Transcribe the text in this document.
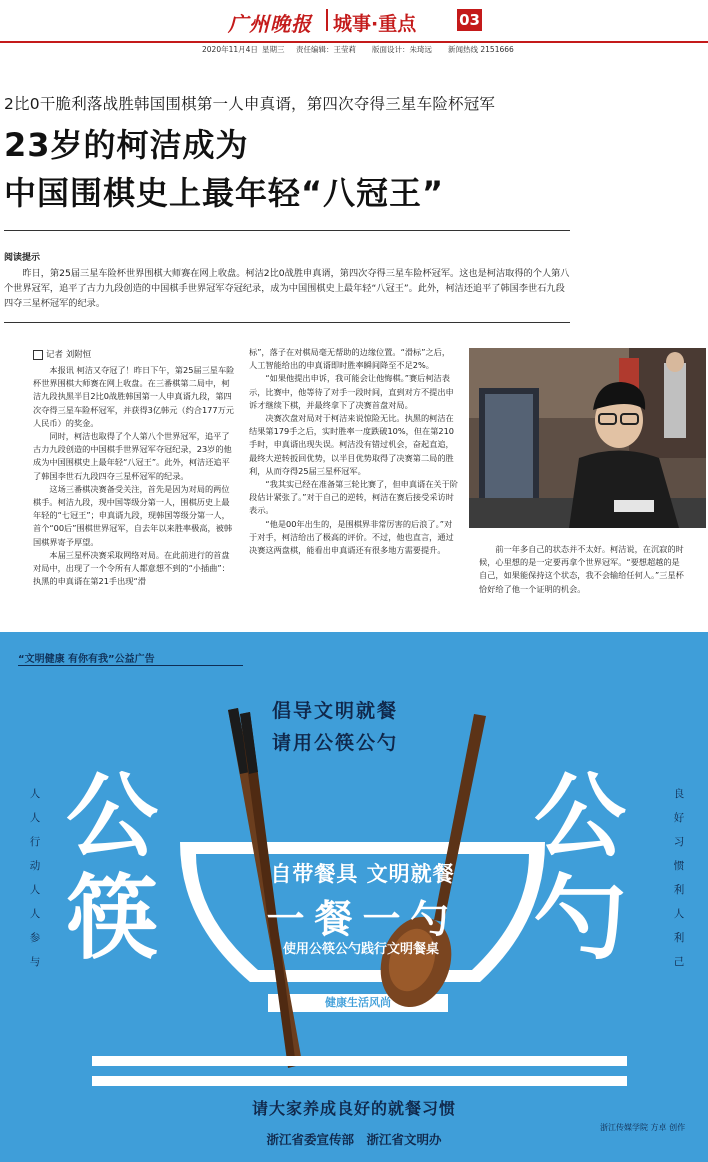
广州晚报 城事·重点	03
2020年11月4日 星期三 责任编辑：王莹莉 版面设计：朱琦远 新闻热线 2151666
2比0干脆利落战胜韩国围棋第一人申真谞，第四次夺得三星车险杯冠军
23岁的柯洁成为
中国围棋史上最年轻“八冠王”
阅读提示
昨日，第25届三星车险杯世界围棋大师赛在网上收盘。柯洁2比0战胜申真谞，第四次夺得三星车险杯冠军。这也是柯洁取得的个人第八个世界冠军，追平了古力九段创造的中国棋手世界冠军夺冠纪录，成为中国围棋史上最年轻“八冠王”。此外，柯洁还追平了韩国李世石九段四夺三星杯冠军的纪录。
记者 刘附恒

本报讯 柯洁又夺冠了！昨日下午，第25届三星车险杯世界围棋大师赛在网上收盘。在三番棋第二局中，柯洁九段执黑半目2比0战胜韩国第一人申真谞九段，第四次夺得三星车险杯冠军，并获得3亿韩元（约合177万元人民币）的奖金。

同时，柯洁也取得了个人第八个世界冠军，追平了古力九段创造的中国棋手世界冠军夺冠纪录，23岁的他成为中国围棋史上最年轻“八冠王”。此外，柯洁还追平了韩国李世石九段四夺三星杯冠军的纪录。

这场三番棋决赛备受关注，首先是因为对局的两位棋手。柯洁九段，现中国等级分第一人，围棋历史上最年轻的“七冠王”；申真谞九段，现韩国等级分第一人，首个“00后”围棋世界冠军，自去年以来胜率极高，被韩国棋界寄予厚望。

本届三星杯决赛采取网络对局。在此前进行的首盘对局中，出现了一个令所有人都意想不到的“小插曲”：执黑的申真谞在第21手出现“滑

标”，落子在对棋局毫无帮助的边缘位置。“滑标”之后，人工智能给出的申真谞即时胜率瞬间降至不足2%。

“如果他提出申诉，我可能会让他悔棋。”赛后柯洁表示，比赛中，他等待了对手一段时间，直到对方不提出申诉才继续下棋，并最终拿下了决赛首盘对局。

决赛次盘对局对于柯洁来说惊险无比。执黑的柯洁在结果第179手之后，实时胜率一度跌破10%，但在第210手时，申真谞出现失误。柯洁没有错过机会，奋起直追，最终大逆转扳回优势，以半目优势取得了决赛第二局的胜利，从而夺得25届三星杯冠军。

“我其实已经在准备第三轮比赛了，但申真谞在关于阶段估计紧张了。”对于自己的逆转，柯洁在赛后接受采访时表示。

“他是00年出生的，是围棋界非常厉害的后浪了。”对于对手，柯洁给出了极高的评价。不过，他也直言，通过决赛这两盘棋，能看出申真谞还有很多地方需要提升。	前一年多自己的状态并不太好。柯洁说，在沉寂的时候，心里想的是一定要再拿个世界冠军。“要想超越的是自己，如果能保持这个状态，我不会输给任何人。”三星杯恰好给了他一个证明的机会。

“文明健康 有你有我”公益广告
倡导文明就餐
请用公筷公勺
公
筷
公
勺
人
人
行
动
人
人
参
与
良
好
习
惯
利
人
利
己
自带餐具 文明就餐
一餐一勺
使用公筷公勺践行文明餐桌
健康生活风尚
请大家养成良好的就餐习惯
浙江省委宣传部　浙江省文明办
浙江传媒学院 方卓 创作
